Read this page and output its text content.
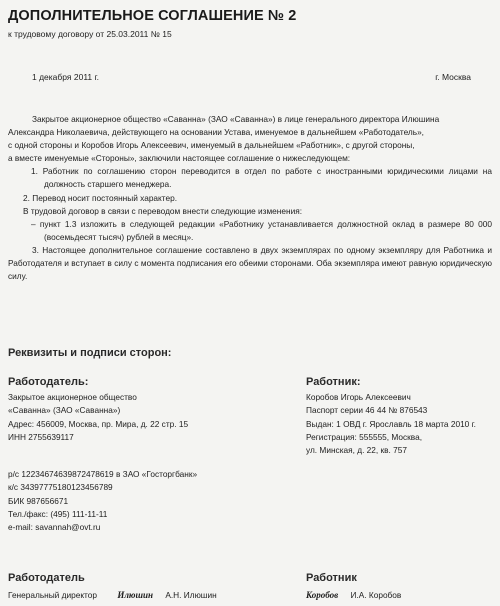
ДОПОЛНИТЕЛЬНОЕ СОГЛАШЕНИЕ № 2
к трудовому договору от 25.03.2011 № 15
1 декабря 2011 г.	г. Москва

Закрытое акционерное общество «Саванна» (ЗАО «Саванна») в лице генерального директора Илюшина

Александра Николаевича, действующего на основании Устава, именуемое в дальнейшем «Работодатель»,

с одной стороны и Коробов Игорь Алексеевич, именуемый в дальнейшем «Работник», с другой стороны,

а вместе именуемые «Стороны», заключили настоящее соглашение о нижеследующем:

1. Работник по соглашению сторон переводится в отдел по работе с иностранными юридическими лицами на должность старшего менеджера.

2. Перевод носит постоянный характер.

В трудовой договор в связи с переводом внести следующие изменения:

– пункт 1.3 изложить в следующей редакции «Работнику устанавливается должностной оклад в размере 80 000 (восемьдесят тысяч) рублей в месяц».

3. Настоящее дополнительное соглашение составлено в двух экземплярах по одному экземпляру для Работника и Работодателя и вступает в силу с момента подписания его обеими сторонами. Оба экземпляра имеют равную юридическую силу.

Реквизиты и подписи сторон:
Работодатель:
Закрытое акционерное общество
«Саванна» (ЗАО «Саванна»)
Адрес: 456009, Москва, пр. Мира, д. 22 стр. 15
ИНН 2755639117
р/с 12234674639872478619 в ЗАО «Госторгбанк»
к/с 34397775180123456789
БИК 987656671
Тел./факс: (495) 111-11-11
e-mail: savannah@ovt.ru
Работник:
Коробов Игорь Алексеевич
Паспорт серии 46 44 № 876543
Выдан: 1 ОВД г. Ярославль 18 марта 2010 г.
Регистрация: 555555, Москва,
ул. Минская, д. 22, кв. 757
Работодатель
Генеральный директор Илюшин А.Н. Илюшин
Работник
Коробов И.А. Коробов
